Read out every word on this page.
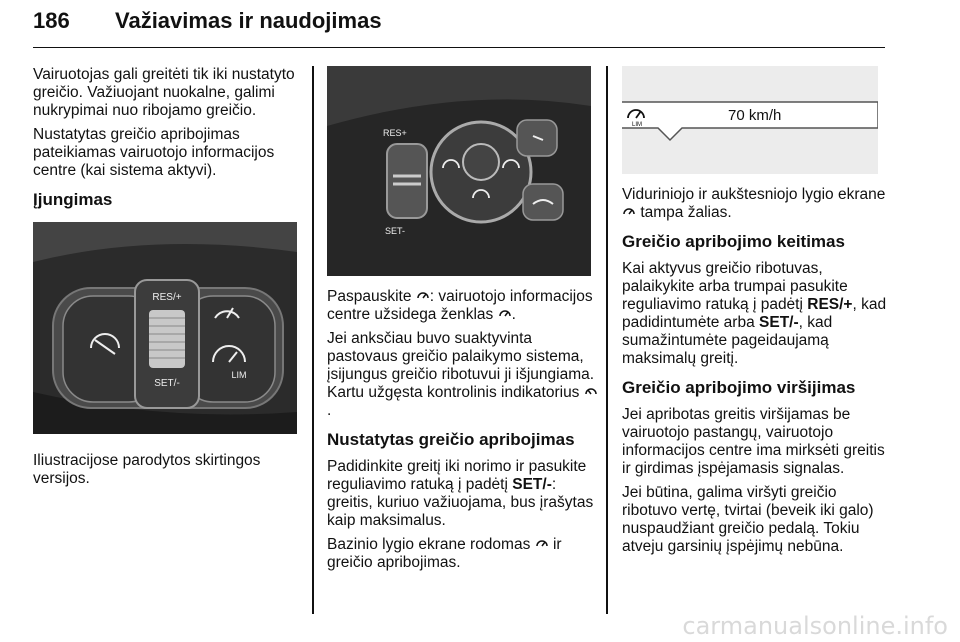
186 Važiavimas ir naudojimas

Vairuotojas gali greitėti tik iki nustatyto greičio. Važiuojant nuokalne, galimi nukrypimai nuo ribojamo greičio.

Nustatytas greičio apribojimas pateikiamas vairuotojo informacijos centre (kai sistema aktyvi).

Įjungimas
RES/+
SET/-
LIM

Iliustracijose parodytos skirtingos versijos.

RES+
SET-

Paspauskite : vairuotojo informacijos centre užsidega ženklas .

Jei anksčiau buvo suaktyvinta pastovaus greičio palaikymo sistema, įsijungus greičio ribotuvui ji išjungiama. Kartu užgęsta kontrolinis indikatorius .

Nustatytas greičio apribojimas

Padidinkite greitį iki norimo ir pasukite reguliavimo ratuką į padėtį SET/-: greitis, kuriuo važiuojama, bus įrašytas kaip maksimalus.

Bazinio lygio ekrane rodomas ir greičio apribojimas.

LIM
70 km/h

Viduriniojo ir aukštesniojo lygio ekrane  tampa žalias.

Greičio apribojimo keitimas

Kai aktyvus greičio ribotuvas, palaikykite arba trumpai pasukite reguliavimo ratuką į padėtį RES/+, kad padidintumėte arba SET/-, kad sumažintumėte pageidaujamą maksimalų greitį.

Greičio apribojimo viršijimas

Jei apribotas greitis viršijamas be vairuotojo pastangų, vairuotojo informacijos centre ima mirksėti greitis ir girdimas įspėjamasis signalas.

Jei būtina, galima viršyti greičio ribotuvo vertę, tvirtai (beveik iki galo) nuspaudžiant greičio pedalą. Tokiu atveju garsinių įspėjimų nebūna.

carmanualsonline.info
